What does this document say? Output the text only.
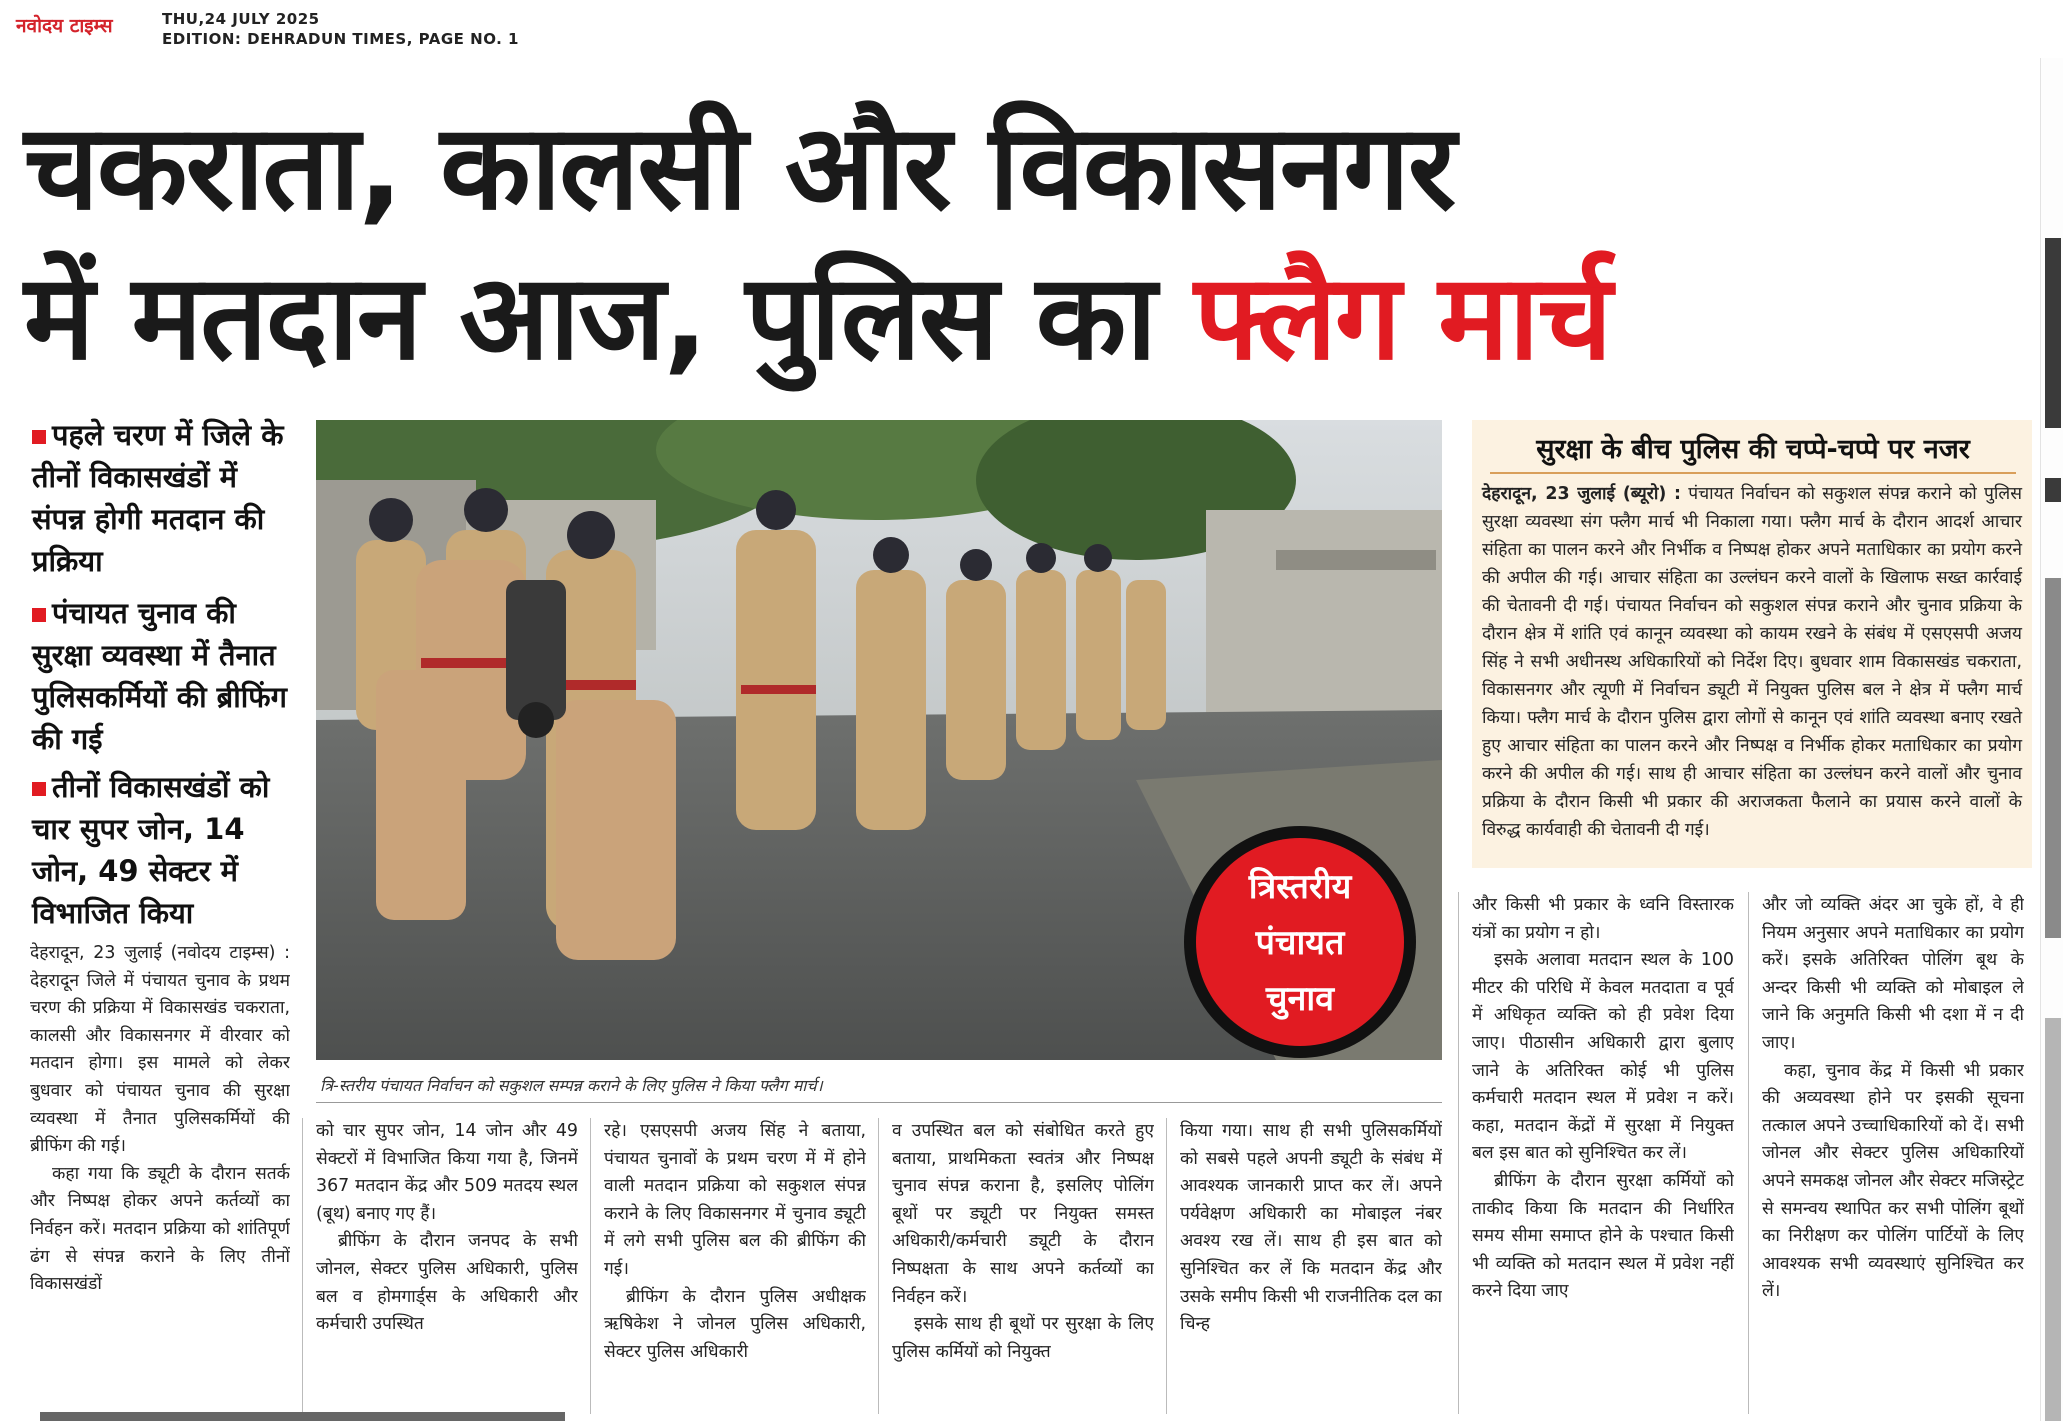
नवोदय टाइम्स	THU,24 JULY 2025
EDITION: DEHRADUN TIMES, PAGE NO. 1
चकराता, कालसी और विकासनगर
में मतदान आज, पुलिस का फ्लैग मार्च
पहले चरण में जिले के तीनों विकासखंडों में संपन्न होगी मतदान की प्रक्रिया
पंचायत चुनाव की सुरक्षा व्यवस्था में तैनात पुलिसकर्मियों की ब्रीफिंग की गई
तीनों विकासखंडों को चार सुपर जोन, 14 जोन, 49 सेक्टर में विभाजित किया
त्रि-स्तरीय पंचायत निर्वाचन को सकुशल सम्पन्न कराने के लिए पुलिस ने किया फ्लैग मार्च।
त्रिस्तरीय
पंचायत
चुनाव
सुरक्षा के बीच पुलिस की चप्पे-चप्पे पर नजर
देहरादून, 23 जुलाई (ब्यूरो) : पंचायत निर्वाचन को सकुशल संपन्न कराने को पुलिस सुरक्षा व्यवस्था संग फ्लैग मार्च भी निकाला गया। फ्लैग मार्च के दौरान आदर्श आचार संहिता का पालन करने और निर्भीक व निष्पक्ष होकर अपने मताधिकार का प्रयोग करने की अपील की गई। आचार संहिता का उल्लंघन करने वालों के खिलाफ सख्त कार्रवाई की चेतावनी दी गई। पंचायत निर्वाचन को सकुशल संपन्न कराने और चुनाव प्रक्रिया के दौरान क्षेत्र में शांति एवं कानून व्यवस्था को कायम रखने के संबंध में एसएसपी अजय सिंह ने सभी अधीनस्थ अधिकारियों को निर्देश दिए। बुधवार शाम विकासखंड चकराता, विकासनगर और त्यूणी में निर्वाचन ड्यूटी में नियुक्त पुलिस बल ने क्षेत्र में फ्लैग मार्च किया। फ्लैग मार्च के दौरान पुलिस द्वारा लोगों से कानून एवं शांति व्यवस्था बनाए रखते हुए आचार संहिता का पालन करने और निष्पक्ष व निर्भीक होकर मताधिकार का प्रयोग करने की अपील की गई। साथ ही आचार संहिता का उल्लंघन करने वालों और चुनाव प्रक्रिया के दौरान किसी भी प्रकार की अराजकता फैलाने का प्रयास करने वालों के विरुद्ध कार्यवाही की चेतावनी दी गई।

देहरादून, 23 जुलाई (नवोदय टाइम्स) : देहरादून जिले में पंचायत चुनाव के प्रथम चरण की प्रक्रिया में विकासखंड चकराता, कालसी और विकासनगर में वीरवार को मतदान होगा। इस मामले को लेकर बुधवार को पंचायत चुनाव की सुरक्षा व्यवस्था में तैनात पुलिसकर्मियों की ब्रीफिंग की गई।

कहा गया कि ड्यूटी के दौरान सतर्क और निष्पक्ष होकर अपने कर्तव्यों का निर्वहन करें। मतदान प्रक्रिया को शांतिपूर्ण ढंग से संपन्न कराने के लिए तीनों विकासखंडों

को चार सुपर जोन, 14 जोन और 49 सेक्टरों में विभाजित किया गया है, जिनमें 367 मतदान केंद्र और 509 मतदय स्थल (बूथ) बनाए गए हैं।

ब्रीफिंग के दौरान जनपद के सभी जोनल, सेक्टर पुलिस अधिकारी, पुलिस बल व होमगार्ड्स के अधिकारी और कर्मचारी उपस्थित

रहे। एसएसपी अजय सिंह ने बताया, पंचायत चुनावों के प्रथम चरण में में होने वाली मतदान प्रक्रिया को सकुशल संपन्न कराने के लिए विकासनगर में चुनाव ड्यूटी में लगे सभी पुलिस बल की ब्रीफिंग की गई।

ब्रीफिंग के दौरान पुलिस अधीक्षक ऋषिकेश ने जोनल पुलिस अधिकारी, सेक्टर पुलिस अधिकारी

व उपस्थित बल को संबोधित करते हुए बताया, प्राथमिकता स्वतंत्र और निष्पक्ष चुनाव संपन्न कराना है, इसलिए पोलिंग बूथों पर ड्यूटी पर नियुक्त समस्त अधिकारी/कर्मचारी ड्यूटी के दौरान निष्पक्षता के साथ अपने कर्तव्यों का निर्वहन करें।

इसके साथ ही बूथों पर सुरक्षा के लिए पुलिस कर्मियों को नियुक्त

किया गया। साथ ही सभी पुलिसकर्मियों को सबसे पहले अपनी ड्यूटी के संबंध में आवश्यक जानकारी प्राप्त कर लें। अपने पर्यवेक्षण अधिकारी का मोबाइल नंबर अवश्य रख लें। साथ ही इस बात को सुनिश्चित कर लें कि मतदान केंद्र और उसके समीप किसी भी राजनीतिक दल का चिन्ह

और किसी भी प्रकार के ध्वनि विस्तारक यंत्रों का प्रयोग न हो।

इसके अलावा मतदान स्थल के 100 मीटर की परिधि में केवल मतदाता व पूर्व में अधिकृत व्यक्ति को ही प्रवेश दिया जाए। पीठासीन अधिकारी द्वारा बुलाए जाने के अतिरिक्त कोई भी पुलिस कर्मचारी मतदान स्थल में प्रवेश न करें। कहा, मतदान केंद्रों में सुरक्षा में नियुक्त बल इस बात को सुनिश्चित कर लें।

ब्रीफिंग के दौरान सुरक्षा कर्मियों को ताकीद किया कि मतदान की निर्धारित समय सीमा समाप्त होने के पश्चात किसी भी व्यक्ति को मतदान स्थल में प्रवेश नहीं करने दिया जाए

और जो व्यक्ति अंदर आ चुके हों, वे ही नियम अनुसार अपने मताधिकार का प्रयोग करें। इसके अतिरिक्त पोलिंग बूथ के अन्दर किसी भी व्यक्ति को मोबाइल ले जाने कि अनुमति किसी भी दशा में न दी जाए।

कहा, चुनाव केंद्र में किसी भी प्रकार की अव्यवस्था होने पर इसकी सूचना तत्काल अपने उच्चाधिकारियों को दें। सभी जोनल और सेक्टर पुलिस अधिकारियों अपने समकक्ष जोनल और सेक्टर मजिस्ट्रेट से समन्वय स्थापित कर सभी पोलिंग बूथों का निरीक्षण कर पोलिंग पार्टियों के लिए आवश्यक सभी व्यवस्थाएं सुनिश्चित कर लें।
